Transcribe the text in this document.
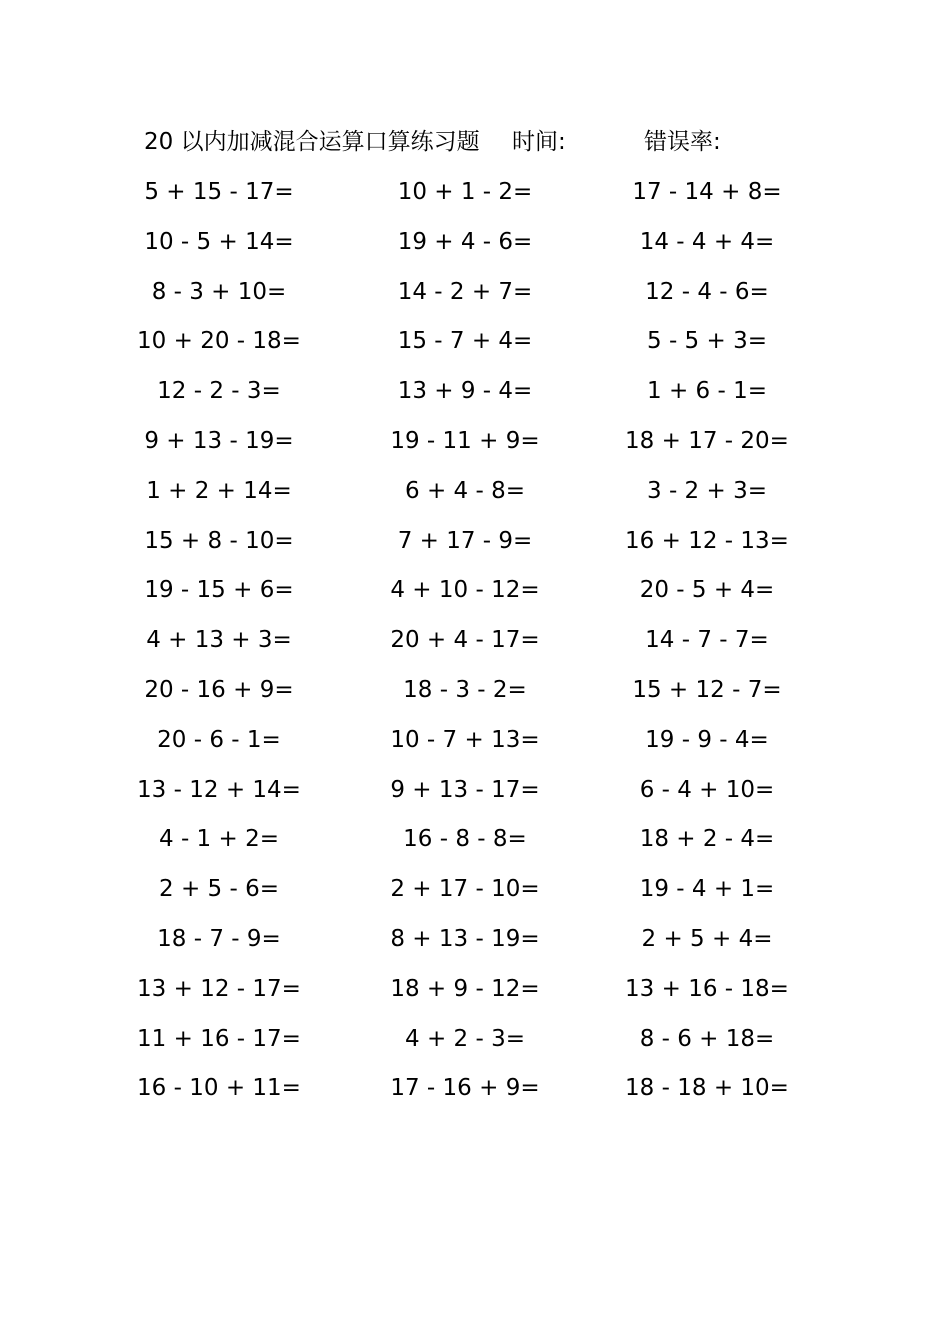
20 以内加减混合运算口算练习题 时间:	错误率:
5 + 15 - 17=	10 + 1 - 2=	17 - 14 + 8=
10 - 5 + 14=	19 + 4 - 6=	14 - 4 + 4=
8 - 3 + 10=	14 - 2 + 7=	12 - 4 - 6=
10 + 20 - 18=	15 - 7 + 4=	5 - 5 + 3=
12 - 2 - 3=	13 + 9 - 4=	1 + 6 - 1=
9 + 13 - 19=	19 - 11 + 9=	18 + 17 - 20=
1 + 2 + 14=	6 + 4 - 8=	3 - 2 + 3=
15 + 8 - 10=	7 + 17 - 9=	16 + 12 - 13=
19 - 15 + 6=	4 + 10 - 12=	20 - 5 + 4=
4 + 13 + 3=	20 + 4 - 17=	14 - 7 - 7=
20 - 16 + 9=	18 - 3 - 2=	15 + 12 - 7=
20 - 6 - 1=	10 - 7 + 13=	19 - 9 - 4=
13 - 12 + 14=	9 + 13 - 17=	6 - 4 + 10=
4 - 1 + 2=	16 - 8 - 8=	18 + 2 - 4=
2 + 5 - 6=	2 + 17 - 10=	19 - 4 + 1=
18 - 7 - 9=	8 + 13 - 19=	2 + 5 + 4=
13 + 12 - 17=	18 + 9 - 12=	13 + 16 - 18=
11 + 16 - 17=	4 + 2 - 3=	8 - 6 + 18=
16 - 10 + 11=	17 - 16 + 9=	18 - 18 + 10=
